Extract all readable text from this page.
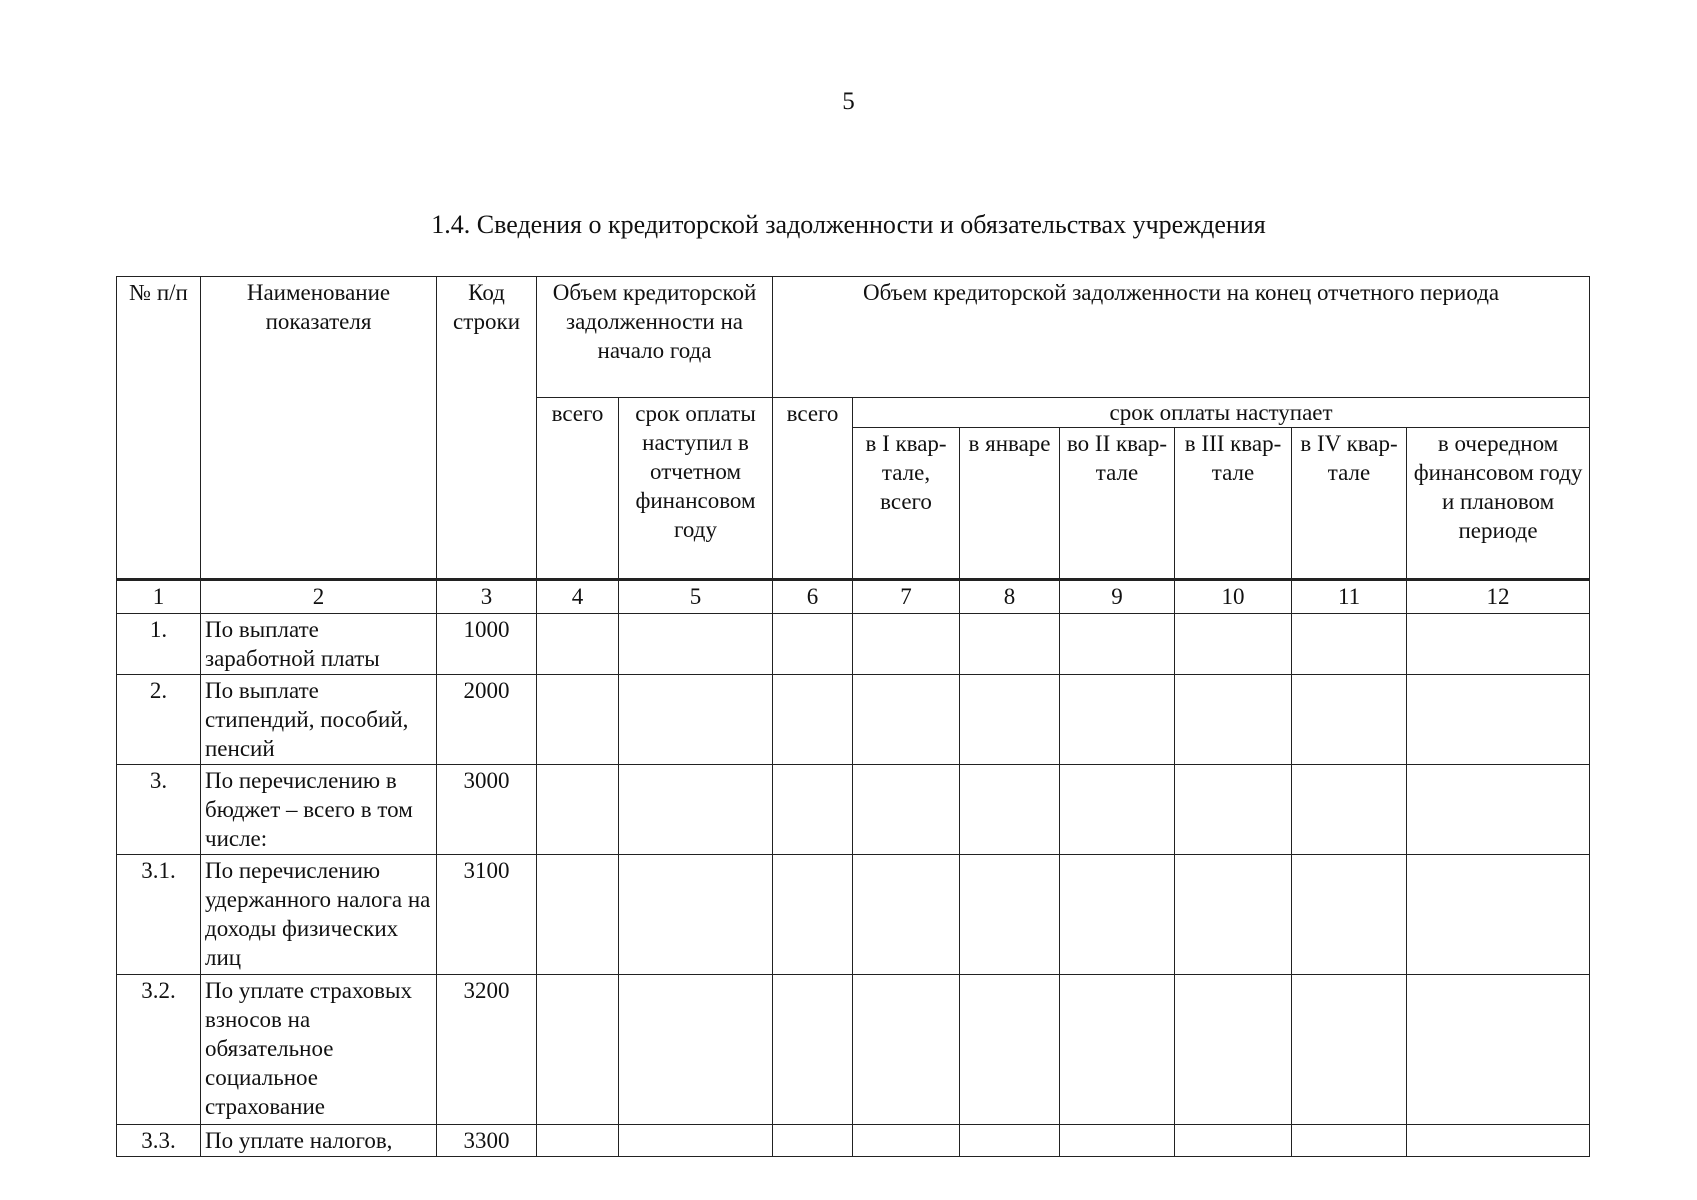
5
1.4. Сведения о кредиторской задолженности и обязательствах учреждения
№ п/п	Наименование показателя	Код строки	Объем кредиторской задолженности на начало года		Объем кредиторской задолженности на конец отчетного периода						
			всего	срок оплаты наступил в отчетном финансовом году	всего	срок оплаты наступает					
						в I квар-тале, всего	в январе	во II квар-тале	в III квар-тале	в IV квар-тале	в очередном финансовом году и плановом периоде
1	2	3	4	5	6	7	8	9	10	11	12
1.	По выплате заработной платы	1000									
2.	По выплате стипендий, пособий, пенсий	2000									
3.	По перечислению в бюджет – всего в том числе:	3000									
3.1.	По перечислению удержанного налога на доходы физических лиц	3100									
3.2.	По уплате страховых взносов на обязательное социальное страхование	3200									
3.3.	По уплате налогов,	3300									
